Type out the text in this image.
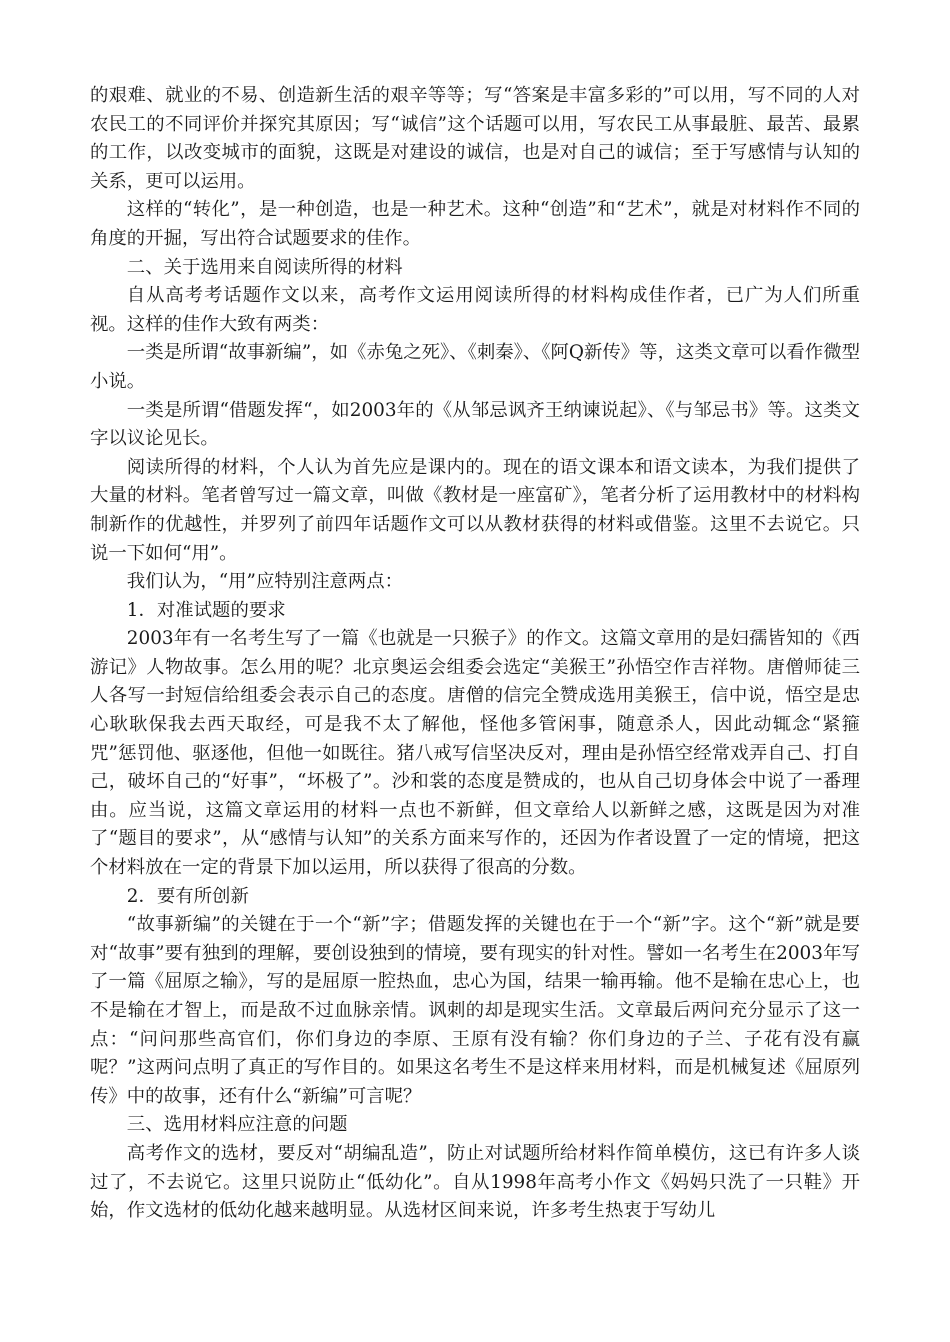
的艰难、就业的不易、创造新生活的艰辛等等；写“答案是丰富多彩的”可以用，写不同的人对农民工的不同评价并探究其原因；写“诚信”这个话题可以用，写农民工从事最脏、最苦、最累的工作，以改变城市的面貌，这既是对建设的诚信，也是对自己的诚信；至于写感情与认知的关系，更可以运用。

这样的“转化”，是一种创造，也是一种艺术。这种“创造”和“艺术”，就是对材料作不同的角度的开掘，写出符合试题要求的佳作。

二、关于选用来自阅读所得的材料

自从高考考话题作文以来，高考作文运用阅读所得的材料构成佳作者，已广为人们所重视。这样的佳作大致有两类：

一类是所谓“故事新编”，如《赤兔之死》、《刺秦》、《阿Q新传》等，这类文章可以看作微型小说。

一类是所谓“借题发挥“，如2003年的《从邹忌讽齐王纳谏说起》、《与邹忌书》等。这类文字以议论见长。

阅读所得的材料，个人认为首先应是课内的。现在的语文课本和语文读本，为我们提供了大量的材料。笔者曾写过一篇文章，叫做《教材是一座富矿》，笔者分析了运用教材中的材料构制新作的优越性，并罗列了前四年话题作文可以从教材获得的材料或借鉴。这里不去说它。只说一下如何“用”。

我们认为，“用”应特别注意两点：

1．对准试题的要求

2003年有一名考生写了一篇《也就是一只猴子》的作文。这篇文章用的是妇孺皆知的《西游记》人物故事。怎么用的呢？北京奥运会组委会选定“美猴王”孙悟空作吉祥物。唐僧师徒三人各写一封短信给组委会表示自己的态度。唐僧的信完全赞成选用美猴王，信中说，悟空是忠心耿耿保我去西天取经，可是我不太了解他，怪他多管闲事，随意杀人，因此动辄念“紧箍咒”惩罚他、驱逐他，但他一如既往。猪八戒写信坚决反对，理由是孙悟空经常戏弄自己、打自己，破坏自己的“好事”，“坏极了”。沙和裳的态度是赞成的，也从自己切身体会中说了一番理由。应当说，这篇文章运用的材料一点也不新鲜，但文章给人以新鲜之感，这既是因为对准了“题目的要求”，从“感情与认知”的关系方面来写作的，还因为作者设置了一定的情境，把这个材料放在一定的背景下加以运用，所以获得了很高的分数。

2．要有所创新

“故事新编”的关键在于一个“新”字；借题发挥的关键也在于一个“新”字。这个“新”就是要对“故事”要有独到的理解，要创设独到的情境，要有现实的针对性。譬如一名考生在2003年写了一篇《屈原之输》，写的是屈原一腔热血，忠心为国，结果一输再输。他不是输在忠心上，也不是输在才智上，而是敌不过血脉亲情。讽刺的却是现实生活。文章最后两问充分显示了这一点：“问问那些高官们，你们身边的李原、王原有没有输？你们身边的子兰、子花有没有赢呢？”这两问点明了真正的写作目的。如果这名考生不是这样来用材料，而是机械复述《屈原列传》中的故事，还有什么“新编”可言呢？

三、选用材料应注意的问题

高考作文的选材，要反对“胡编乱造”，防止对试题所给材料作简单模仿，这已有许多人谈过了，不去说它。这里只说防止“低幼化”。自从1998年高考小作文《妈妈只洗了一只鞋》开始，作文选材的低幼化越来越明显。从选材区间来说，许多考生热衷于写幼儿
